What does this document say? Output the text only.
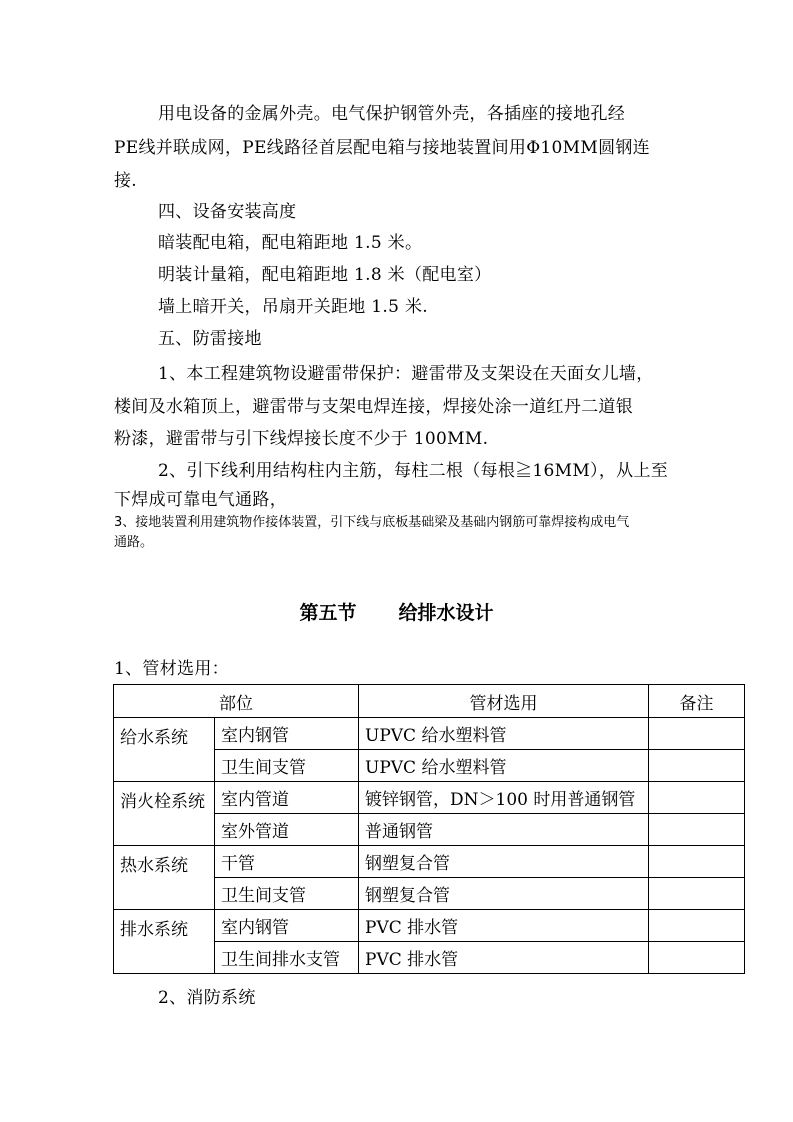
用电设备的金属外壳。电气保护钢管外壳，各插座的接地孔经
PE线并联成网，PE线路径首层配电箱与接地装置间用Φ10MM圆钢连
接.
四、设备安装高度
暗装配电箱，配电箱距地 1.5 米。
明装计量箱，配电箱距地 1.8 米（配电室）
墙上暗开关，吊扇开关距地 1.5 米.
五、防雷接地
1、本工程建筑物设避雷带保护：避雷带及支架设在天面女儿墙，
楼间及水箱顶上，避雷带与支架电焊连接，焊接处涂一道红丹二道银
粉漆，避雷带与引下线焊接长度不少于 100MM.
2、引下线利用结构柱内主筋，每柱二根（每根≧16MM），从上至
下焊成可靠电气通路，
3、接地装置利用建筑物作接体装置，引下线与底板基础梁及基础内钢筋可靠焊接构成电气
通路。
第五节 给排水设计
1、管材选用：
部位		管材选用	备注
给水系统	室内钢管	UPVC 给水塑料管	
	卫生间支管	UPVC 给水塑料管	
消火栓系统	室内管道	镀锌钢管，DN＞100 时用普通钢管	
	室外管道	普通钢管	
热水系统	干管	钢塑复合管	
	卫生间支管	钢塑复合管	
排水系统	室内钢管	PVC 排水管	
	卫生间排水支管	PVC 排水管	
2、消防系统
